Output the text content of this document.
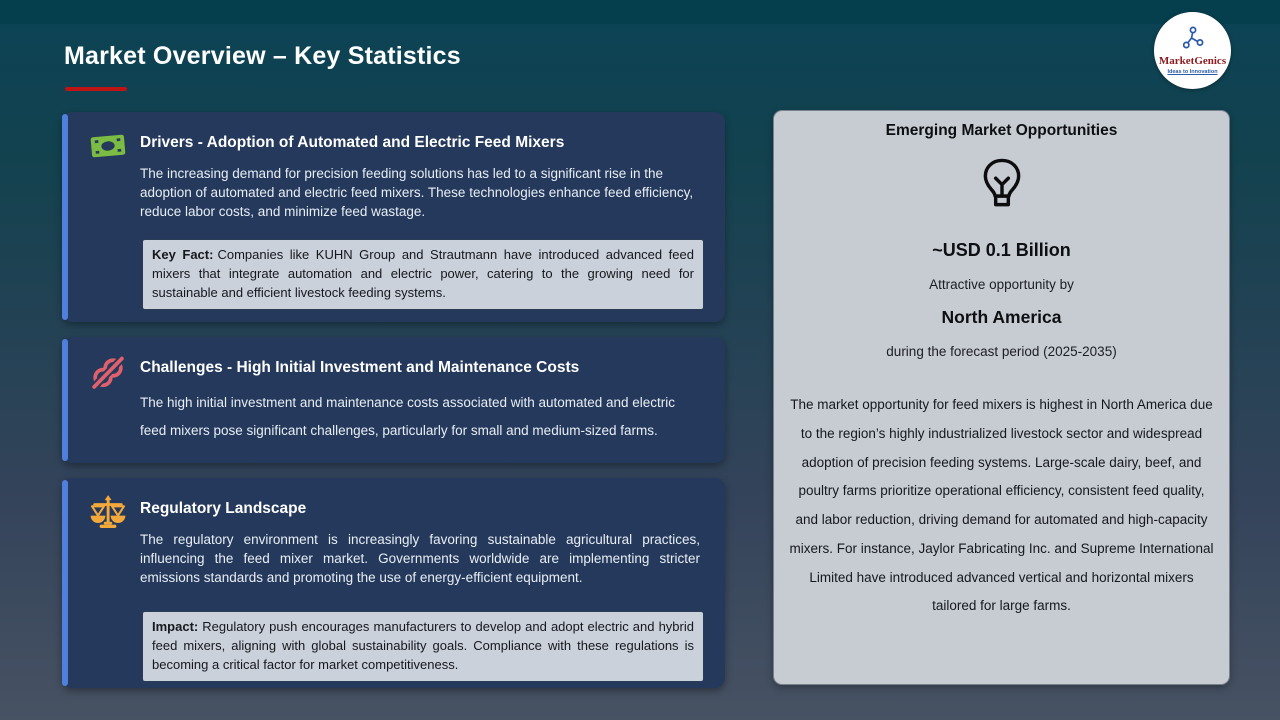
Market Overview – Key Statistics	MarketGenics
Ideas to Innovation
Drivers - Adoption of Automated and Electric Feed Mixers

The increasing demand for precision feeding solutions has led to a significant rise in the adoption of automated and electric feed mixers. These technologies enhance feed efficiency, reduce labor costs, and minimize feed wastage.

Key Fact: Companies like KUHN Group and Strautmann have introduced advanced feed mixers that integrate automation and electric power, catering to the growing need for sustainable and efficient livestock feeding systems.
Challenges - High Initial Investment and Maintenance Costs

The high initial investment and maintenance costs associated with automated and electric feed mixers pose significant challenges, particularly for small and medium-sized farms.

Regulatory Landscape

The regulatory environment is increasingly favoring sustainable agricultural practices, influencing the feed mixer market. Governments worldwide are implementing stricter emissions standards and promoting the use of energy-efficient equipment.

Impact: Regulatory push encourages manufacturers to develop and adopt electric and hybrid feed mixers, aligning with global sustainability goals. Compliance with these regulations is becoming a critical factor for market competitiveness.
Emerging Market Opportunities
~USD 0.1 Billion
Attractive opportunity by
North America
during the forecast period (2025-2035)

The market opportunity for feed mixers is highest in North America due to the region’s highly industrialized livestock sector and widespread adoption of precision feeding systems. Large-scale dairy, beef, and poultry farms prioritize operational efficiency, consistent feed quality, and labor reduction, driving demand for automated and high-capacity mixers. For instance, Jaylor Fabricating Inc. and Supreme International Limited have introduced advanced vertical and horizontal mixers tailored for large farms.
